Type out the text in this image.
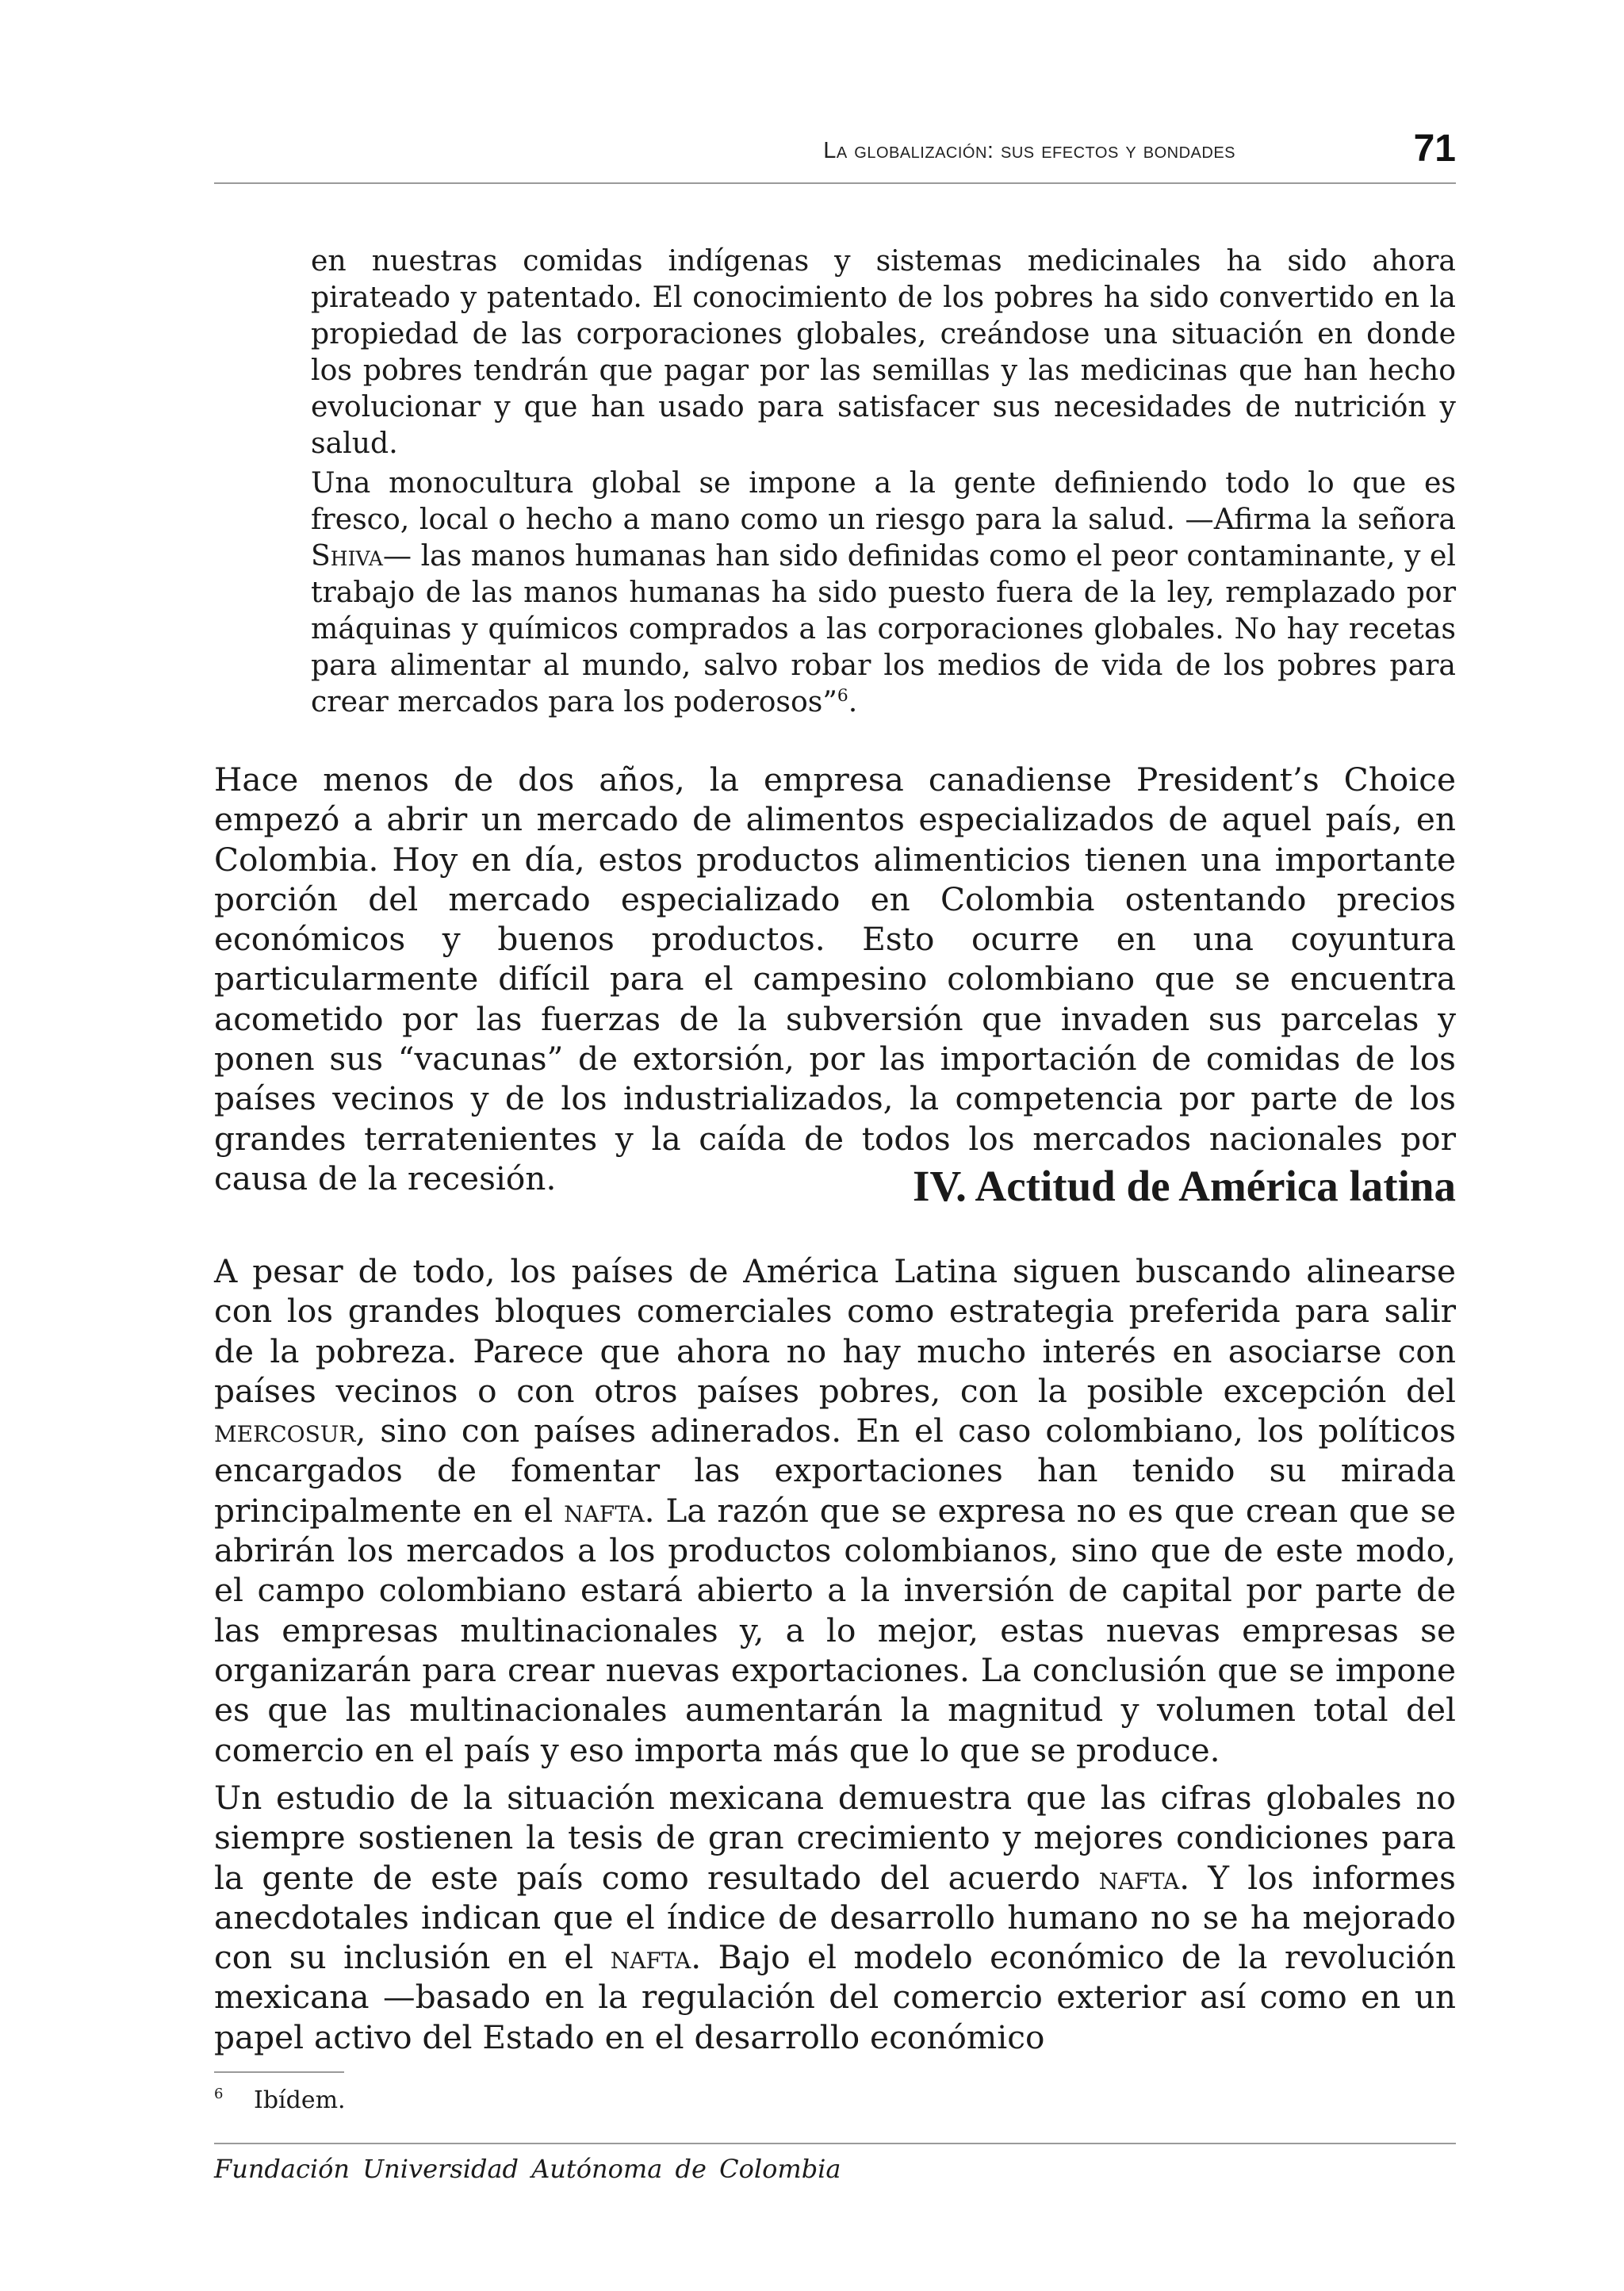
La globalización: sus efectos y bondades	71

en nuestras comidas indígenas y sistemas medicinales ha sido ahora pirateado y patentado. El conocimiento de los pobres ha sido convertido en la propiedad de las corporaciones globales, creándose una situación en donde los pobres tendrán que pagar por las semillas y las medicinas que han hecho evolucionar y que han usado para satisfacer sus necesidades de nutrición y salud.

Una monocultura global se impone a la gente definiendo todo lo que es fresco, local o hecho a mano como un riesgo para la salud. —Afirma la señora Shiva— las manos humanas han sido definidas como el peor contaminante, y el trabajo de las manos humanas ha sido puesto fuera de la ley, remplazado por máquinas y químicos comprados a las corporaciones globales. No hay recetas para alimentar al mundo, salvo robar los medios de vida de los pobres para crear mercados para los poderosos”$^6$.

Hace menos de dos años, la empresa canadiense President’s Choice empezó a abrir un mercado de alimentos especializados de aquel país, en Colombia. Hoy en día, estos productos alimenticios tienen una importante porción del mercado especializado en Colombia ostentando precios económicos y buenos productos. Esto ocurre en una coyuntura particularmente difícil para el campesino colombiano que se encuentra acometido por las fuerzas de la subversión que invaden sus parcelas y ponen sus “vacunas” de extorsión, por las importación de comidas de los países vecinos y de los industrializados, la competencia por parte de los grandes terratenientes y la caída de todos los mercados nacionales por causa de la recesión.	IV. Actitud de América latina

A pesar de todo, los países de América Latina siguen buscando alinearse con los grandes bloques comerciales como estrategia preferida para salir de la pobreza. Parece que ahora no hay mucho interés en asociarse con países vecinos o con otros países pobres, con la posible excepción del mercosur, sino con países adinerados. En el caso colombiano, los políticos encargados de fomentar las exportaciones han tenido su mirada principalmente en el nafta. La razón que se expresa no es que crean que se abrirán los mercados a los productos colombianos, sino que de este modo, el campo colombiano estará abierto a la inversión de capital por parte de las empresas multinacionales y, a lo mejor, estas nuevas empresas se organizarán para crear nuevas exportaciones. La conclusión que se impone es que las multinacionales aumentarán la magnitud y volumen total del comercio en el país y eso importa más que lo que se produce.

Un estudio de la situación mexicana demuestra que las cifras globales no siempre sostienen la tesis de gran crecimiento y mejores condiciones para la gente de este país como resultado del acuerdo nafta. Y los informes anecdotales indican que el índice de desarrollo humano no se ha mejorado con su inclusión en el nafta. Bajo el modelo económico de la revolución mexicana —basado en la regulación del comercio exterior así como en un papel activo del Estado en el desarrollo económico

6 Ibídem.
Fundación Universidad Autónoma de Colombia
